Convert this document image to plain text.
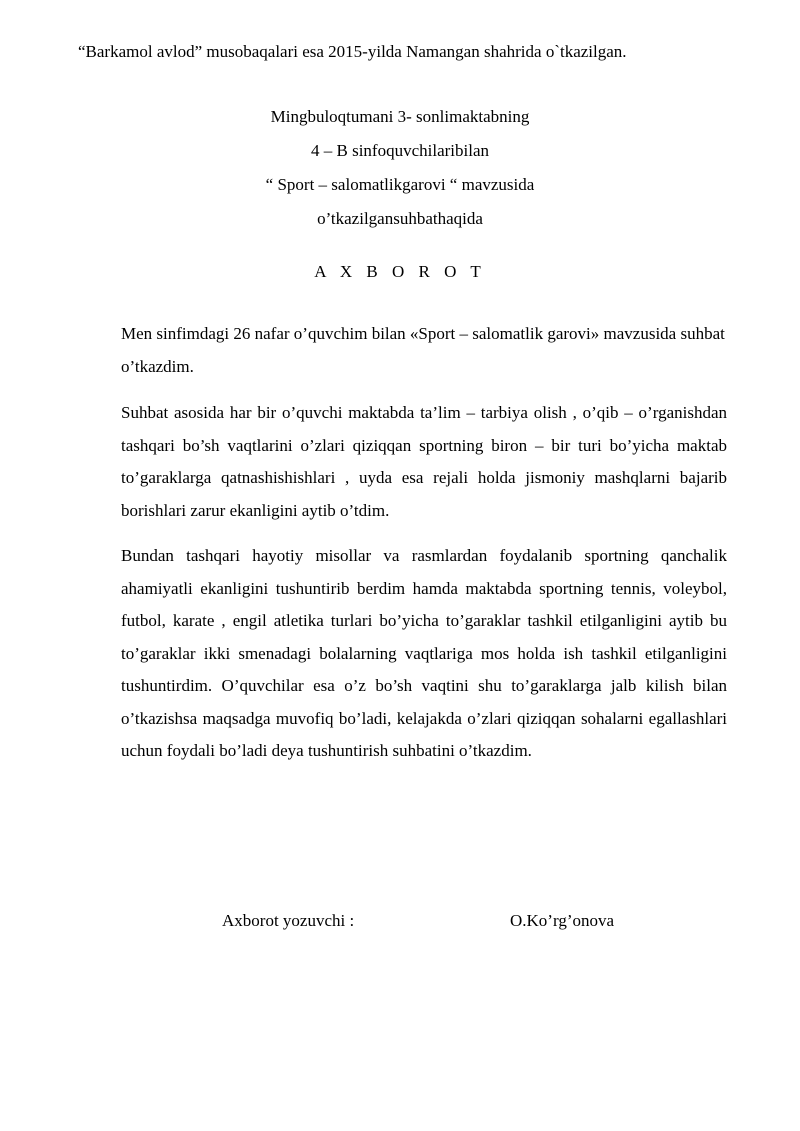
“Barkamol avlod” musobaqalari esa 2015-yilda Namangan shahrida o`tkazilgan.

Mingbuloqtumani 3- sonlimaktabning

4 – B sinfoquvchilaribilan

“ Sport – salomatlikgarovi “ mavzusida

o’tkazilgansuhbathaqida

A X B O R O T

Men sinfimdagi 26 nafar o’quvchim bilan «Sport – salomatlik garovi» mavzusida suhbat o’tkazdim.

Suhbat asosida har bir o’quvchi maktabda ta’lim – tarbiya olish , o’qib – o’rganishdan tashqari bo’sh vaqtlarini o’zlari qiziqqan sportning biron – bir turi bo’yicha maktab to’garaklarga qatnashishishlari , uyda esa rejali holda jismoniy mashqlarni bajarib borishlari zarur ekanligini aytib o’tdim.

Bundan tashqari hayotiy misollar va rasmlardan foydalanib sportning qanchalik ahamiyatli ekanligini tushuntirib berdim hamda maktabda sportning tennis, voleybol, futbol, karate , engil atletika turlari bo’yicha to’garaklar tashkil etilganligini aytib bu to’garaklar ikki smenadagi bolalarning vaqtlariga mos holda ish tashkil etilganligini tushuntirdim. O’quvchilar esa o’z bo’sh vaqtini shu to’garaklarga jalb kilish bilan o’tkazishsa maqsadga muvofiq bo’ladi, kelajakda o’zlari qiziqqan sohalarni egallashlari uchun foydali bo’ladi deya tushuntirish suhbatini o’tkazdim.

Axborot yozuvchi :	O.Ko’rg’onova
